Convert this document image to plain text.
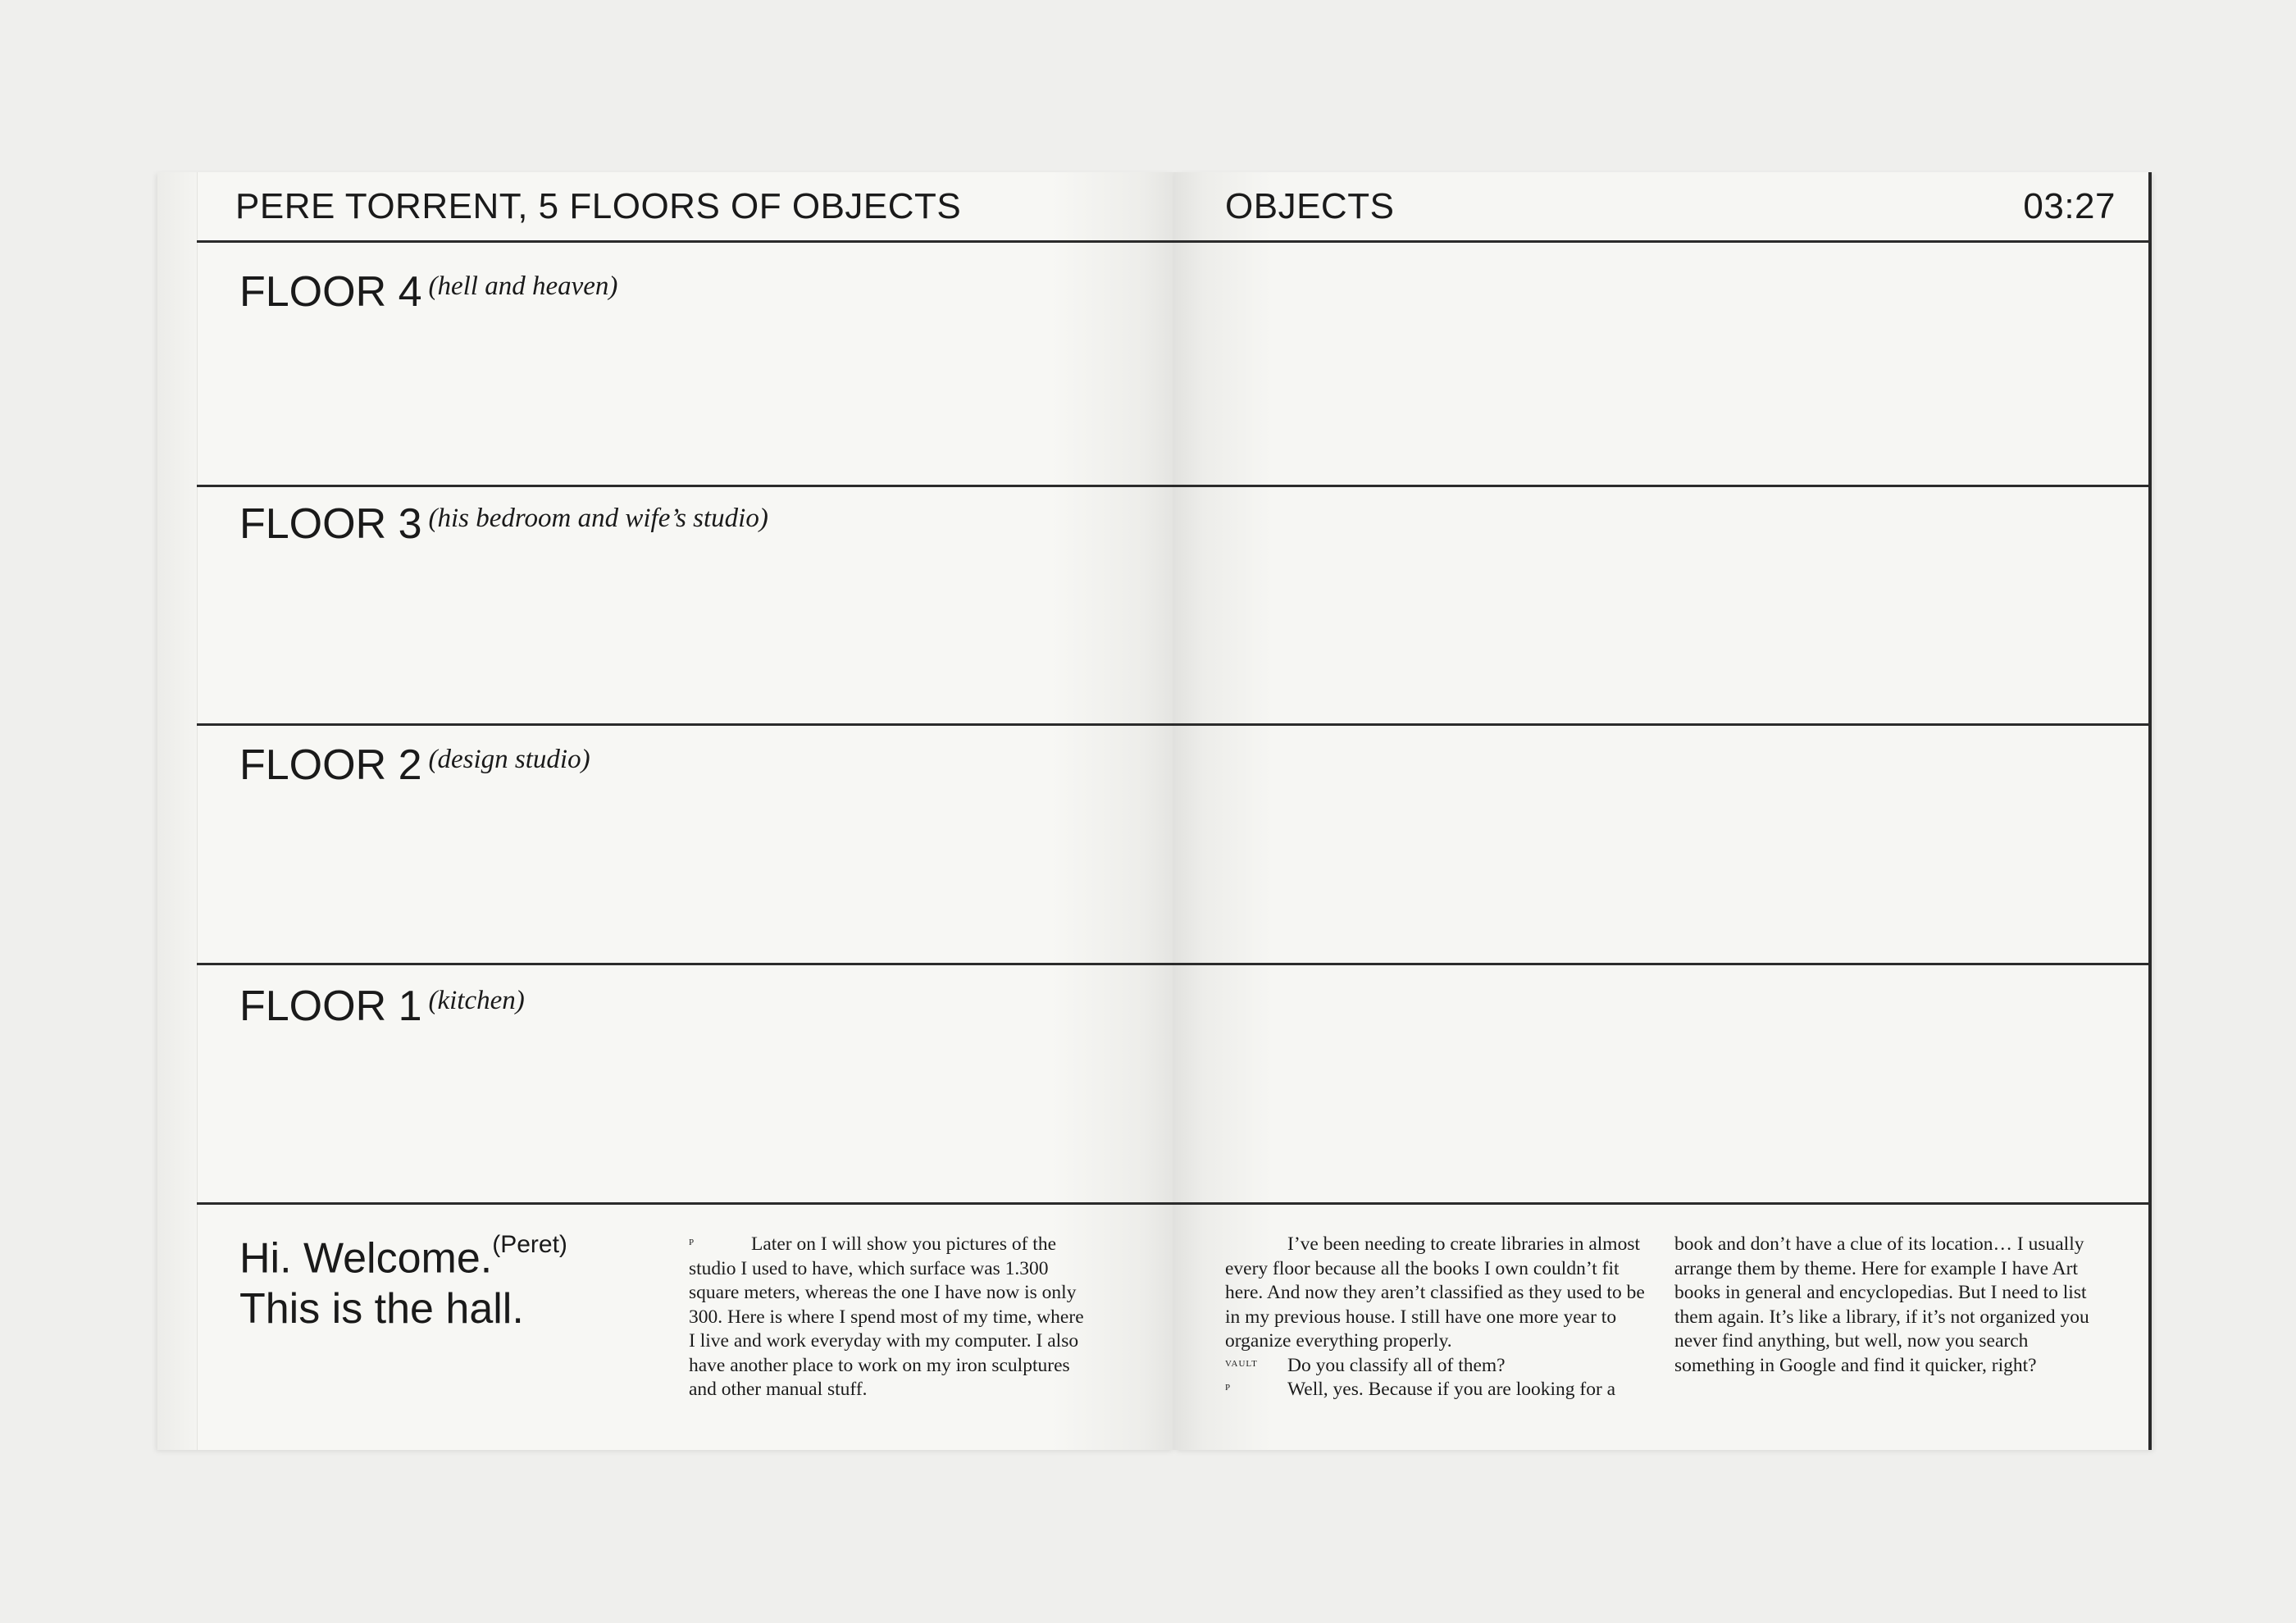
PERE TORRENT, 5 FLOORS OF OBJECTS
FLOOR 4 $^{(hell and heaven)}$
FLOOR 3 $^{(his bedroom and wife’s studio)}$
FLOOR 2 $^{(design studio)}$
FLOOR 1 $^{(kitchen)}$
Hi. Welcome.$^{(Peret)}$
This is the hall.

P	Later on I will show you pictures of the studio I used to have, which surface was 1.300 square meters, whereas the one I have now is only 300. Here is where I spend most of my time, where I live and work everyday with my computer. I also have another place to work on my iron sculptures and other manual stuff.

OBJECTS	03:27

I’ve been needing to create libraries in almost every floor because all the books I own couldn’t fit here. And now they aren’t classified as they used to be in my previous house. I still have one more year to organize everything properly.

VAULT Do you classify all of them?

P	Well, yes. Because if you are looking for a

book and don’t have a clue of its location… I usually arrange them by theme. Here for example I have Art books in general and encyclopedias. But I need to list them again. It’s like a library, if it’s not organized you never find anything, but well, now you search something in Google and find it quicker, right?
